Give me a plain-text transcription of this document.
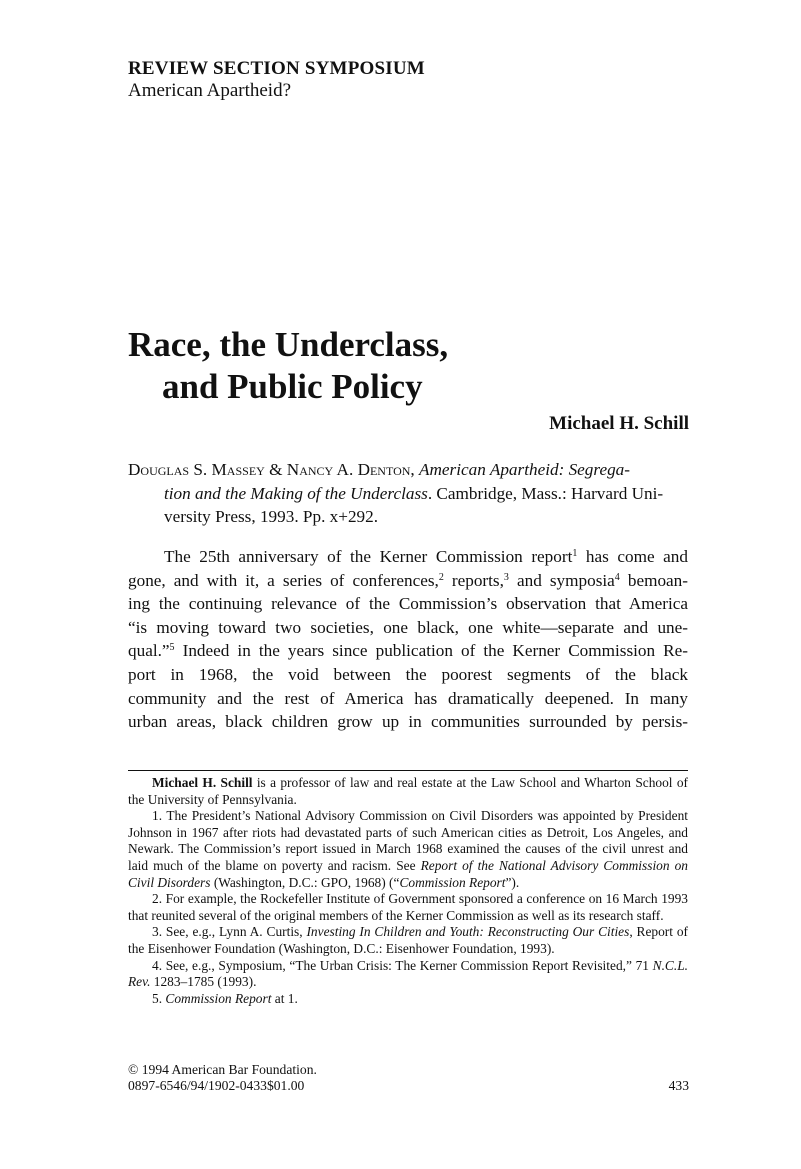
REVIEW SECTION SYMPOSIUM
American Apartheid?
Race, the Underclass,
and Public Policy
Michael H. Schill
Douglas S. Massey & Nancy A. Denton, American Apartheid: Segrega-
tion and the Making of the Underclass. Cambridge, Mass.: Harvard Uni-
versity Press, 1993. Pp. x+292.
The 25th anniversary of the Kerner Commission report$^1$ has come and
gone, and with it, a series of conferences,$^2$ reports,$^3$ and symposia$^4$ bemoan-
ing the continuing relevance of the Commission’s observation that America
“is moving toward two societies, one black, one white—separate and une-
qual.”$^5$ Indeed in the years since publication of the Kerner Commission Re-
port in 1968, the void between the poorest segments of the black
community and the rest of America has dramatically deepened. In many
urban areas, black children grow up in communities surrounded by persis-
Michael H. Schill is a professor of law and real estate at the Law School and Wharton School of the University of Pennsylvania.
1. The President’s National Advisory Commission on Civil Disorders was appointed by President Johnson in 1967 after riots had devastated parts of such American cities as Detroit, Los Angeles, and Newark. The Commission’s report issued in March 1968 examined the causes of the civil unrest and laid much of the blame on poverty and racism. See Report of the National Advisory Commission on Civil Disorders (Washington, D.C.: GPO, 1968) (“Commission Report”).
2. For example, the Rockefeller Institute of Government sponsored a conference on 16 March 1993 that reunited several of the original members of the Kerner Commission as well as its research staff.
3. See, e.g., Lynn A. Curtis, Investing In Children and Youth: Reconstructing Our Cities, Report of the Eisenhower Foundation (Washington, D.C.: Eisenhower Foundation, 1993).
4. See, e.g., Symposium, “The Urban Crisis: The Kerner Commission Report Revisited,” 71 N.C.L. Rev. 1283–1785 (1993).
5. Commission Report at 1.
© 1994 American Bar Foundation.
0897-6546/94/1902-0433$01.00	433
